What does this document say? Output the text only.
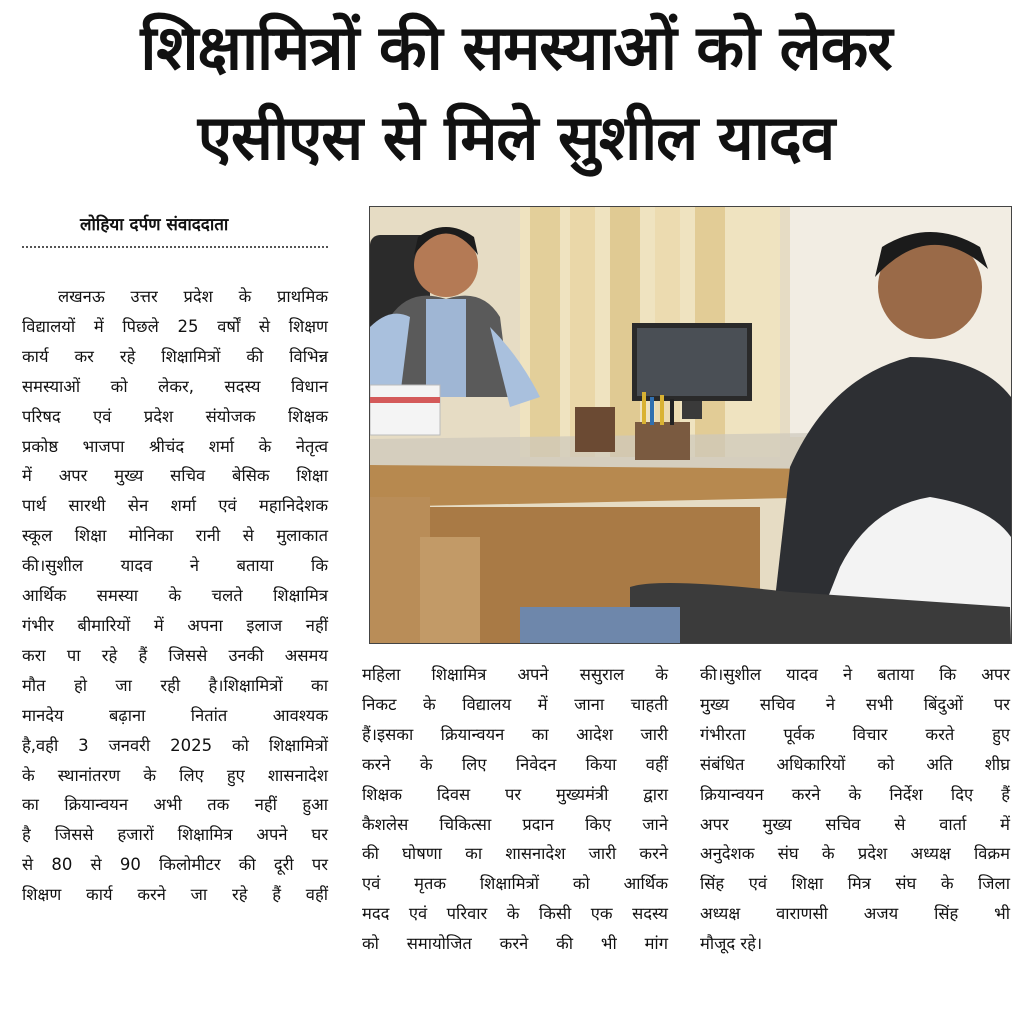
शिक्षामित्रों की समस्याओं को लेकर
एसीएस से मिले सुशील यादव
लोहिया दर्पण संवाददाता

लखनऊ उत्तर प्रदेश के प्राथमिक

विद्यालयों में पिछले 25 वर्षों से शिक्षण

कार्य कर रहे शिक्षामित्रों की विभिन्न

समस्याओं को लेकर, सदस्य विधान

परिषद एवं प्रदेश संयोजक शिक्षक

प्रकोष्ठ भाजपा श्रीचंद शर्मा के नेतृत्व

में अपर मुख्य सचिव बेसिक शिक्षा

पार्थ सारथी सेन शर्मा एवं महानिदेशक

स्कूल शिक्षा मोनिका रानी से मुलाकात

की।सुशील यादव ने बताया कि

आर्थिक समस्या के चलते शिक्षामित्र

गंभीर बीमारियों में अपना इलाज नहीं

करा पा रहे हैं जिससे उनकी असमय

मौत हो जा रही है।शिक्षामित्रों का

मानदेय बढ़ाना नितांत आवश्यक

है,वही 3 जनवरी 2025 को शिक्षामित्रों

के स्थानांतरण के लिए हुए शासनादेश

का क्रियान्वयन अभी तक नहीं हुआ

है जिससे हजारों शिक्षामित्र अपने घर

से 80 से 90 किलोमीटर की दूरी पर

शिक्षण कार्य करने जा रहे हैं वहीं

महिला शिक्षामित्र अपने ससुराल के

निकट के विद्यालय में जाना चाहती

हैं।इसका क्रियान्वयन का आदेश जारी

करने के लिए निवेदन किया वहीं

शिक्षक दिवस पर मुख्यमंत्री द्वारा

कैशलेस चिकित्सा प्रदान किए जाने

की घोषणा का शासनादेश जारी करने

एवं मृतक शिक्षामित्रों को आर्थिक

मदद एवं परिवार के किसी एक सदस्य

को समायोजित करने की भी मांग

की।सुशील यादव ने बताया कि अपर

मुख्य सचिव ने सभी बिंदुओं पर

गंभीरता पूर्वक विचार करते हुए

संबंधित अधिकारियों को अति शीघ्र

क्रियान्वयन करने के निर्देश दिए हैं

अपर मुख्य सचिव से वार्ता में

अनुदेशक संघ के प्रदेश अध्यक्ष विक्रम

सिंह एवं शिक्षा मित्र संघ के जिला

अध्यक्ष वाराणसी अजय सिंह भी

मौजूद रहे।
